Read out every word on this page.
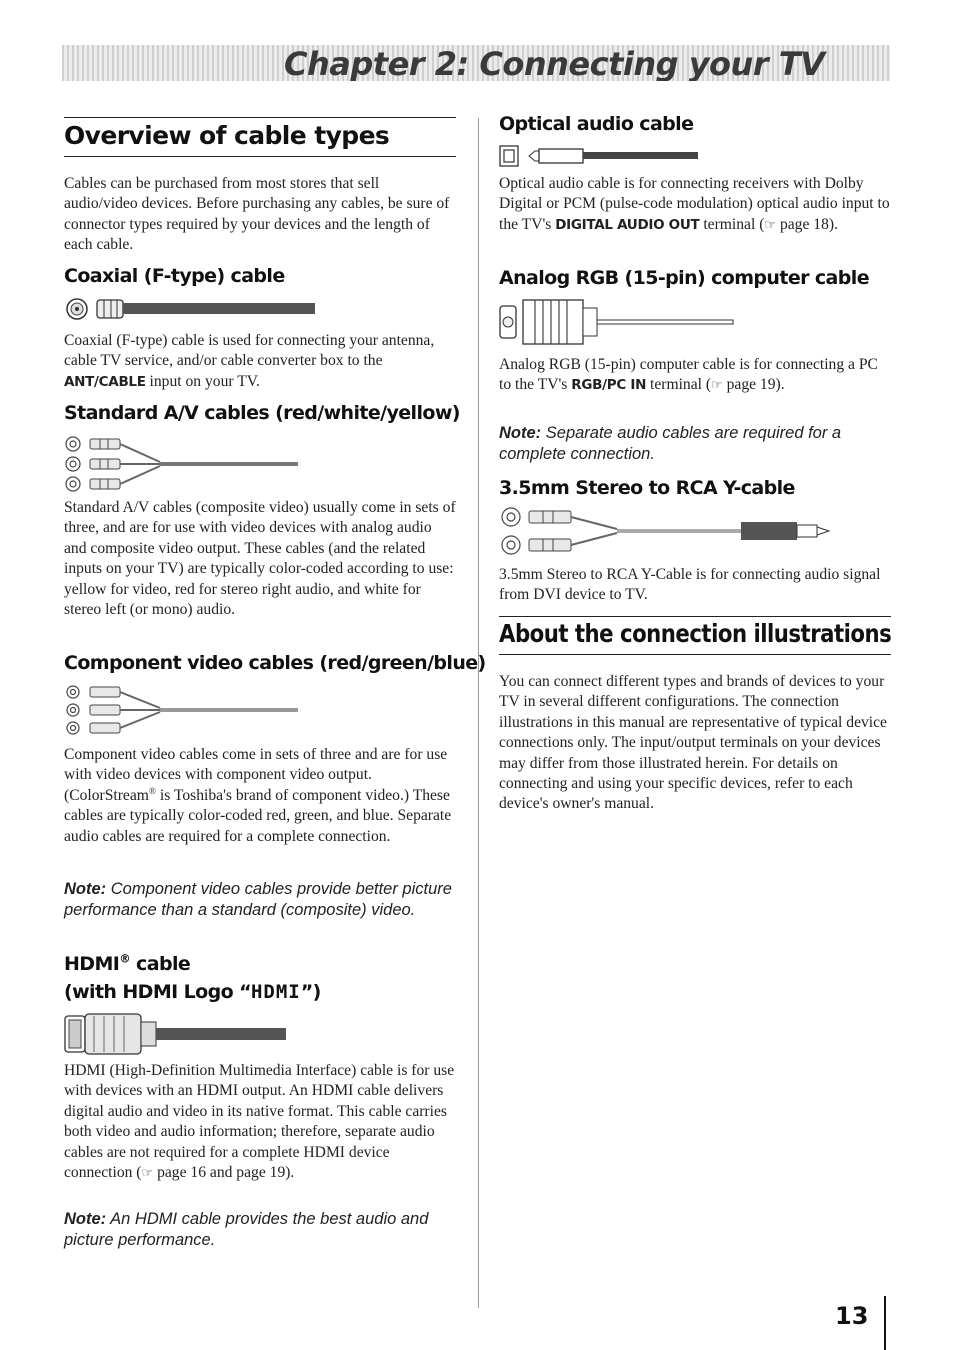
Chapter 2: Connecting your TV
Overview of cable types
Cables can be purchased from most stores that sell audio/video devices. Before purchasing any cables, be sure of connector types required by your devices and the length of each cable.
Coaxial (F-type) cable
Coaxial (F-type) cable is used for connecting your antenna, cable TV service, and/or cable converter box to the ANT/CABLE input on your TV.
Standard A/V cables (red/white/yellow)
Standard A/V cables (composite video) usually come in sets of three, and are for use with video devices with analog audio and composite video output. These cables (and the related inputs on your TV) are typically color-coded according to use: yellow for video, red for stereo right audio, and white for stereo left (or mono) audio.
Component video cables (red/green/blue)
Component video cables come in sets of three and are for use with video devices with component video output. (ColorStream® is Toshiba's brand of component video.) These cables are typically color-coded red, green, and blue. Separate audio cables are required for a complete connection.
Note: Component video cables provide better picture performance than a standard (composite) video.
HDMI® cable
(with HDMI Logo “HDMI”)
HDMI (High-Definition Multimedia Interface) cable is for use with devices with an HDMI output. An HDMI cable delivers digital audio and video in its native format. This cable carries both video and audio information; therefore, separate audio cables are not required for a complete HDMI device connection (☞ page 16 and page 19).
Note: An HDMI cable provides the best audio and picture performance.
Optical audio cable
Optical audio cable is for connecting receivers with Dolby Digital or PCM (pulse-code modulation) optical audio input to the TV's DIGITAL AUDIO OUT terminal (☞ page 18).
Analog RGB (15-pin) computer cable
Analog RGB (15-pin) computer cable is for connecting a PC to the TV's RGB/PC IN terminal (☞ page 19).
Note: Separate audio cables are required for a complete connection.
3.5mm Stereo to RCA Y-cable
3.5mm Stereo to RCA Y-Cable is for connecting audio signal from DVI device to TV.
About the connection illustrations
You can connect different types and brands of devices to your TV in several different configurations. The connection illustrations in this manual are representative of typical device connections only. The input/output terminals on your devices may differ from those illustrated herein. For details on connecting and using your specific devices, refer to each device's owner's manual.
13
